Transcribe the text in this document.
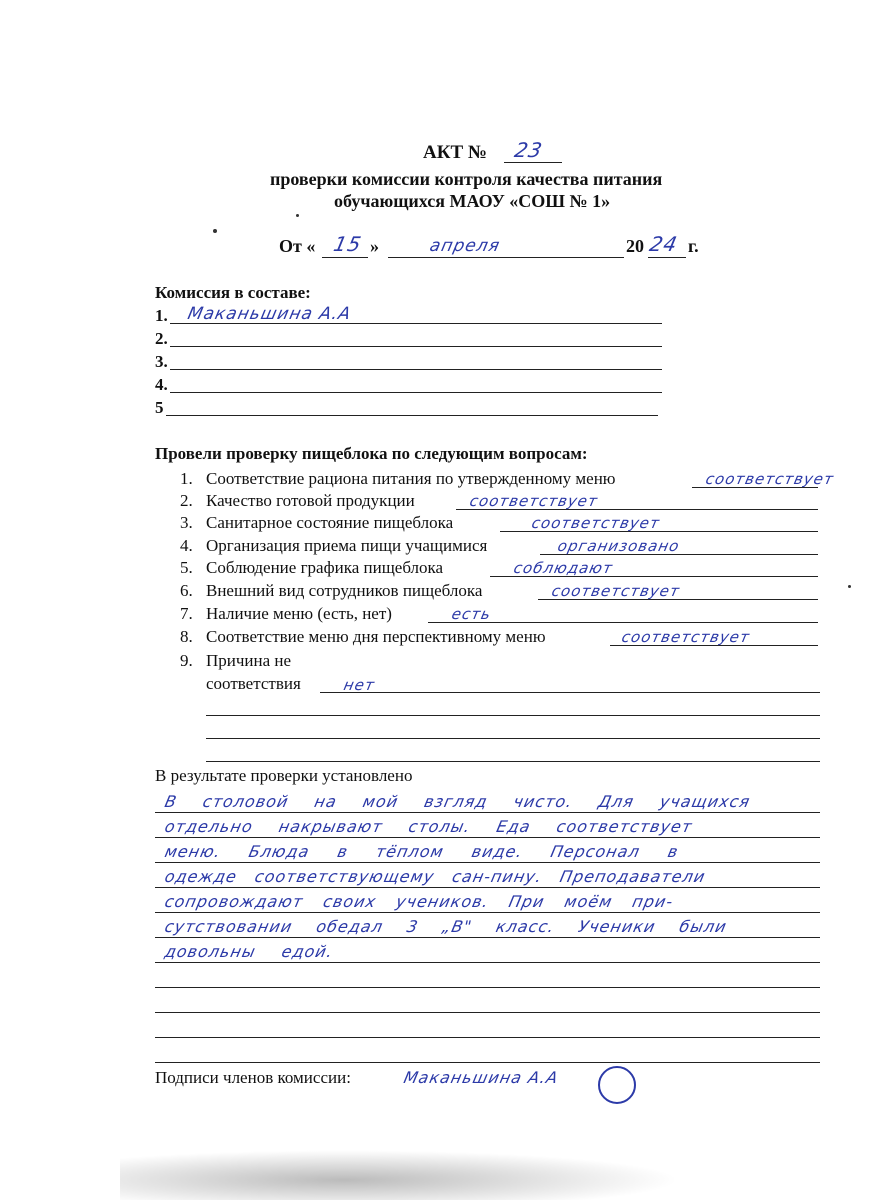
АКТ № 23
проверки комиссии контроля качества питания
обучающихся МАОУ «СОШ № 1»
От « 15 »	апреля	20 24 г.
Комиссия в составе:
1. Маканьшина А.А
2.
3.
4.
5
Провели проверку пищеблока по следующим вопросам:
1. Соответствие рациона питания по утвержденному меню	соответствует
2. Качество готовой продукции	соответствует
3. Санитарное состояние пищеблока	соответствует
4. Организация приема пищи учащимися	организовано
5. Соблюдение графика пищеблока	соблюдают
6. Внешний вид сотрудников пищеблока	соответствует
7. Наличие меню (есть, нет)	есть
8. Соответствие меню дня перспективному меню	соответствует
9. Причина не
соответствия	нет
В результате проверки установлено
В столовой на мой взгляд чисто. Для учащихся
отдельно накрывают столы. Еда соответствует
меню. Блюда в тёплом виде. Персонал в
одежде соответствующему сан-пину. Преподаватели
сопровождают своих учеников. При моём при-
сутствовании обедал 3 „В" класс. Ученики были
довольны едой.
Подписи членов комиссии:	Маканьшина А.А
